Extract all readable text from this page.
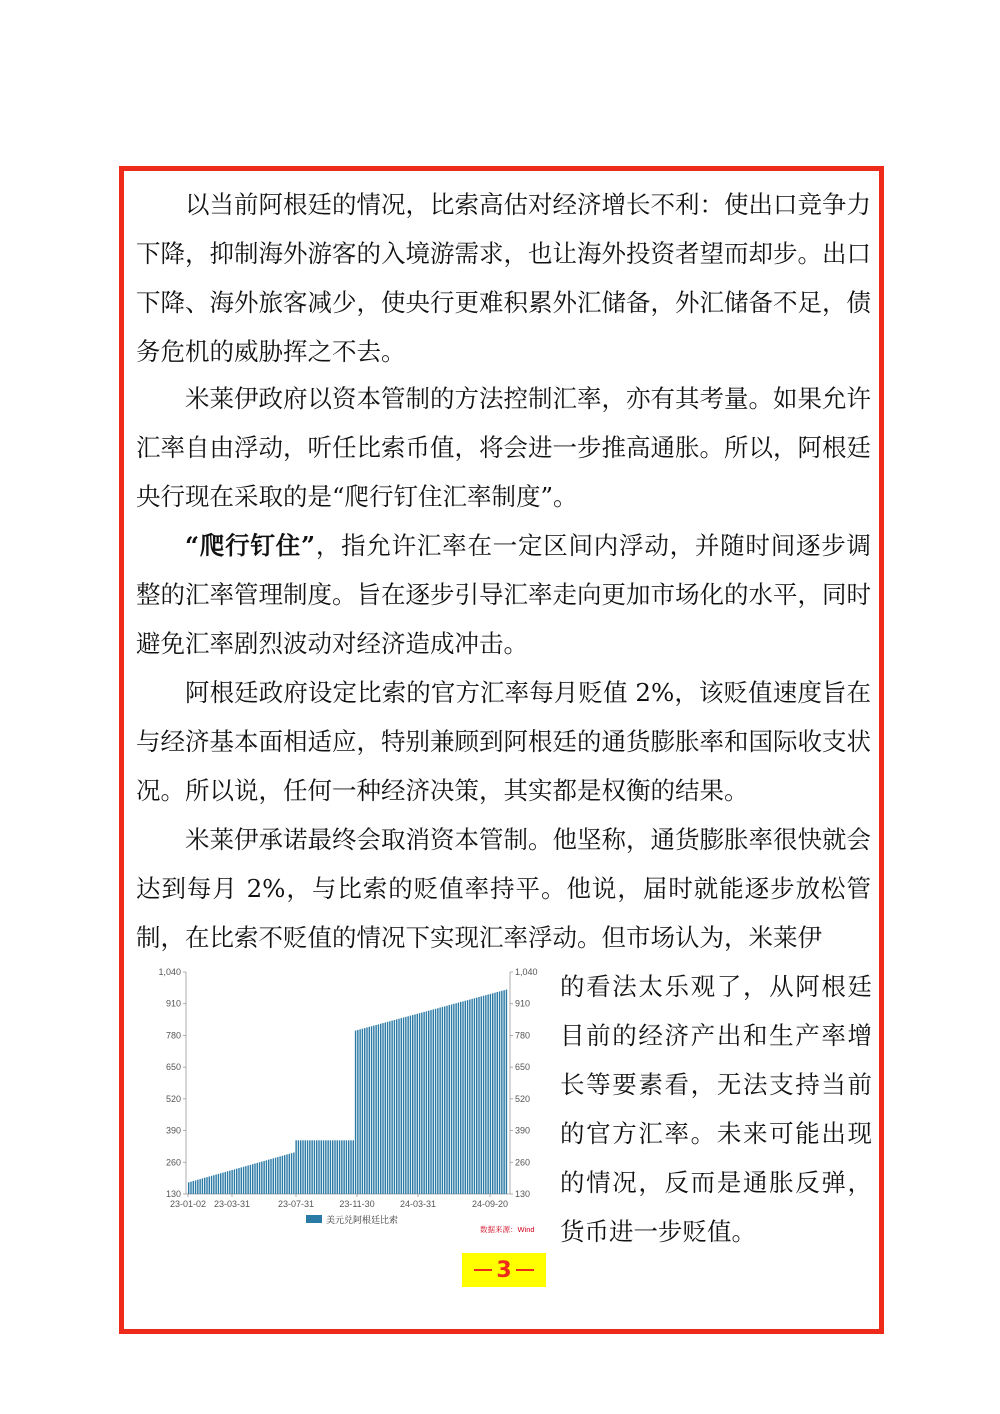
以当前阿根廷的情况，比索高估对经济增长不利：使出口竞争力下降，抑制海外游客的入境游需求，也让海外投资者望而却步。出口下降、海外旅客减少，使央行更难积累外汇储备，外汇储备不足，债务危机的威胁挥之不去。

米莱伊政府以资本管制的方法控制汇率，亦有其考量。如果允许汇率自由浮动，听任比索币值，将会进一步推高通胀。所以，阿根廷央行现在采取的是“爬行钉住汇率制度”。

“爬行钉住”，指允许汇率在一定区间内浮动，并随时间逐步调整的汇率管理制度。旨在逐步引导汇率走向更加市场化的水平，同时避免汇率剧烈波动对经济造成冲击。

阿根廷政府设定比索的官方汇率每月贬值 2%，该贬值速度旨在与经济基本面相适应，特别兼顾到阿根廷的通货膨胀率和国际收支状况。所以说，任何一种经济决策，其实都是权衡的结果。

米莱伊承诺最终会取消资本管制。他坚称，通货膨胀率很快就会达到每月 2%，与比索的贬值率持平。他说，届时就能逐步放松管制，在比索不贬值的情况下实现汇率浮动。但市场认为，米莱伊

的看法太乐观了，从阿根廷目前的经济产出和生产率增长等要素看，无法支持当前的官方汇率。未来可能出现的情况，反而是通胀反弹，货币进一步贬值。

1,040
910
780
650
520
390
260
130
1,040
910
780
650
520
390
260
130
23-01-02 23-03-31	23-07-31	23-11-30	24-03-31	24-09-20
美元兑阿根廷比索
数据来源：Wind
3
